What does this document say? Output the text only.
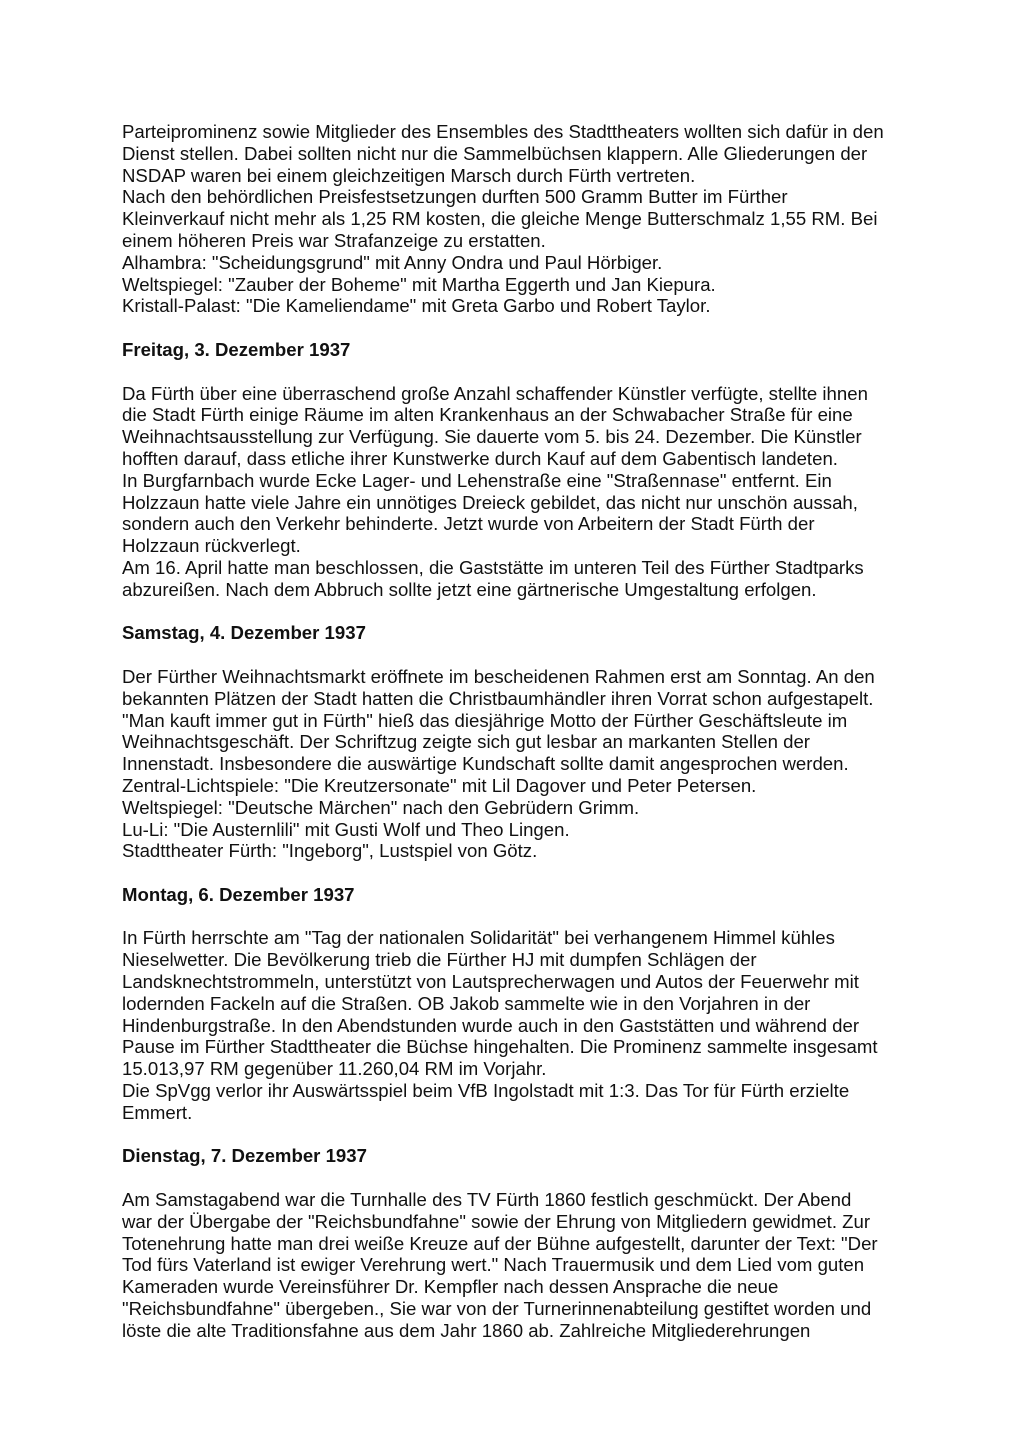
Parteiprominenz sowie Mitglieder des Ensembles des Stadttheaters wollten sich dafür in den
Dienst stellen. Dabei sollten nicht nur die Sammelbüchsen klappern. Alle Gliederungen der
NSDAP waren bei einem gleichzeitigen Marsch durch Fürth vertreten.
Nach den behördlichen Preisfestsetzungen durften 500 Gramm Butter im Fürther
Kleinverkauf nicht mehr als 1,25 RM kosten, die gleiche Menge Butterschmalz 1,55 RM. Bei
einem höheren Preis war Strafanzeige zu erstatten.
Alhambra: "Scheidungsgrund" mit Anny Ondra und Paul Hörbiger.
Weltspiegel: "Zauber der Boheme" mit Martha Eggerth und Jan Kiepura.
Kristall-Palast: "Die Kameliendame" mit Greta Garbo und Robert Taylor.
Freitag, 3. Dezember 1937
Da Fürth über eine überraschend große Anzahl schaffender Künstler verfügte, stellte ihnen
die Stadt Fürth einige Räume im alten Krankenhaus an der Schwabacher Straße für eine
Weihnachtsausstellung zur Verfügung. Sie dauerte vom 5. bis 24. Dezember. Die Künstler
hofften darauf, dass etliche ihrer Kunstwerke durch Kauf auf dem Gabentisch landeten.
In Burgfarnbach wurde Ecke Lager- und Lehenstraße eine "Straßennase" entfernt. Ein
Holzzaun hatte viele Jahre ein unnötiges Dreieck gebildet, das nicht nur unschön aussah,
sondern auch den Verkehr behinderte. Jetzt wurde von Arbeitern der Stadt Fürth der
Holzzaun rückverlegt.
Am 16. April hatte man beschlossen, die Gaststätte im unteren Teil des Fürther Stadtparks
abzureißen. Nach dem Abbruch sollte jetzt eine gärtnerische Umgestaltung erfolgen.
Samstag, 4. Dezember 1937
Der Fürther Weihnachtsmarkt eröffnete im bescheidenen Rahmen erst am Sonntag. An den
bekannten Plätzen der Stadt hatten die Christbaumhändler ihren Vorrat schon aufgestapelt.
"Man kauft immer gut in Fürth" hieß das diesjährige Motto der Fürther Geschäftsleute im
Weihnachtsgeschäft. Der Schriftzug zeigte sich gut lesbar an markanten Stellen der
Innenstadt. Insbesondere die auswärtige Kundschaft sollte damit angesprochen werden.
Zentral-Lichtspiele: "Die Kreutzersonate" mit Lil Dagover und Peter Petersen.
Weltspiegel: "Deutsche Märchen" nach den Gebrüdern Grimm.
Lu-Li: "Die Austernlili" mit Gusti Wolf und Theo Lingen.
Stadttheater Fürth: "Ingeborg", Lustspiel von Götz.
Montag, 6. Dezember 1937
In Fürth herrschte am "Tag der nationalen Solidarität" bei verhangenem Himmel kühles
Nieselwetter. Die Bevölkerung trieb die Fürther HJ mit dumpfen Schlägen der
Landsknechtstrommeln, unterstützt von Lautsprecherwagen und Autos der Feuerwehr mit
lodernden Fackeln auf die Straßen. OB Jakob sammelte wie in den Vorjahren in der
Hindenburgstraße. In den Abendstunden wurde auch in den Gaststätten und während der
Pause im Fürther Stadttheater die Büchse hingehalten. Die Prominenz sammelte insgesamt
15.013,97 RM gegenüber 11.260,04 RM im Vorjahr.
Die SpVgg verlor ihr Auswärtsspiel beim VfB Ingolstadt mit 1:3. Das Tor für Fürth erzielte
Emmert.
Dienstag, 7. Dezember 1937
Am Samstagabend war die Turnhalle des TV Fürth 1860 festlich geschmückt. Der Abend
war der Übergabe der "Reichsbundfahne" sowie der Ehrung von Mitgliedern gewidmet. Zur
Totenehrung hatte man drei weiße Kreuze auf der Bühne aufgestellt, darunter der Text: "Der
Tod fürs Vaterland ist ewiger Verehrung wert." Nach Trauermusik und dem Lied vom guten
Kameraden wurde Vereinsführer Dr. Kempfler nach dessen Ansprache die neue
"Reichsbundfahne" übergeben., Sie war von der Turnerinnenabteilung gestiftet worden und
löste die alte Traditionsfahne aus dem Jahr 1860 ab. Zahlreiche Mitgliederehrungen
